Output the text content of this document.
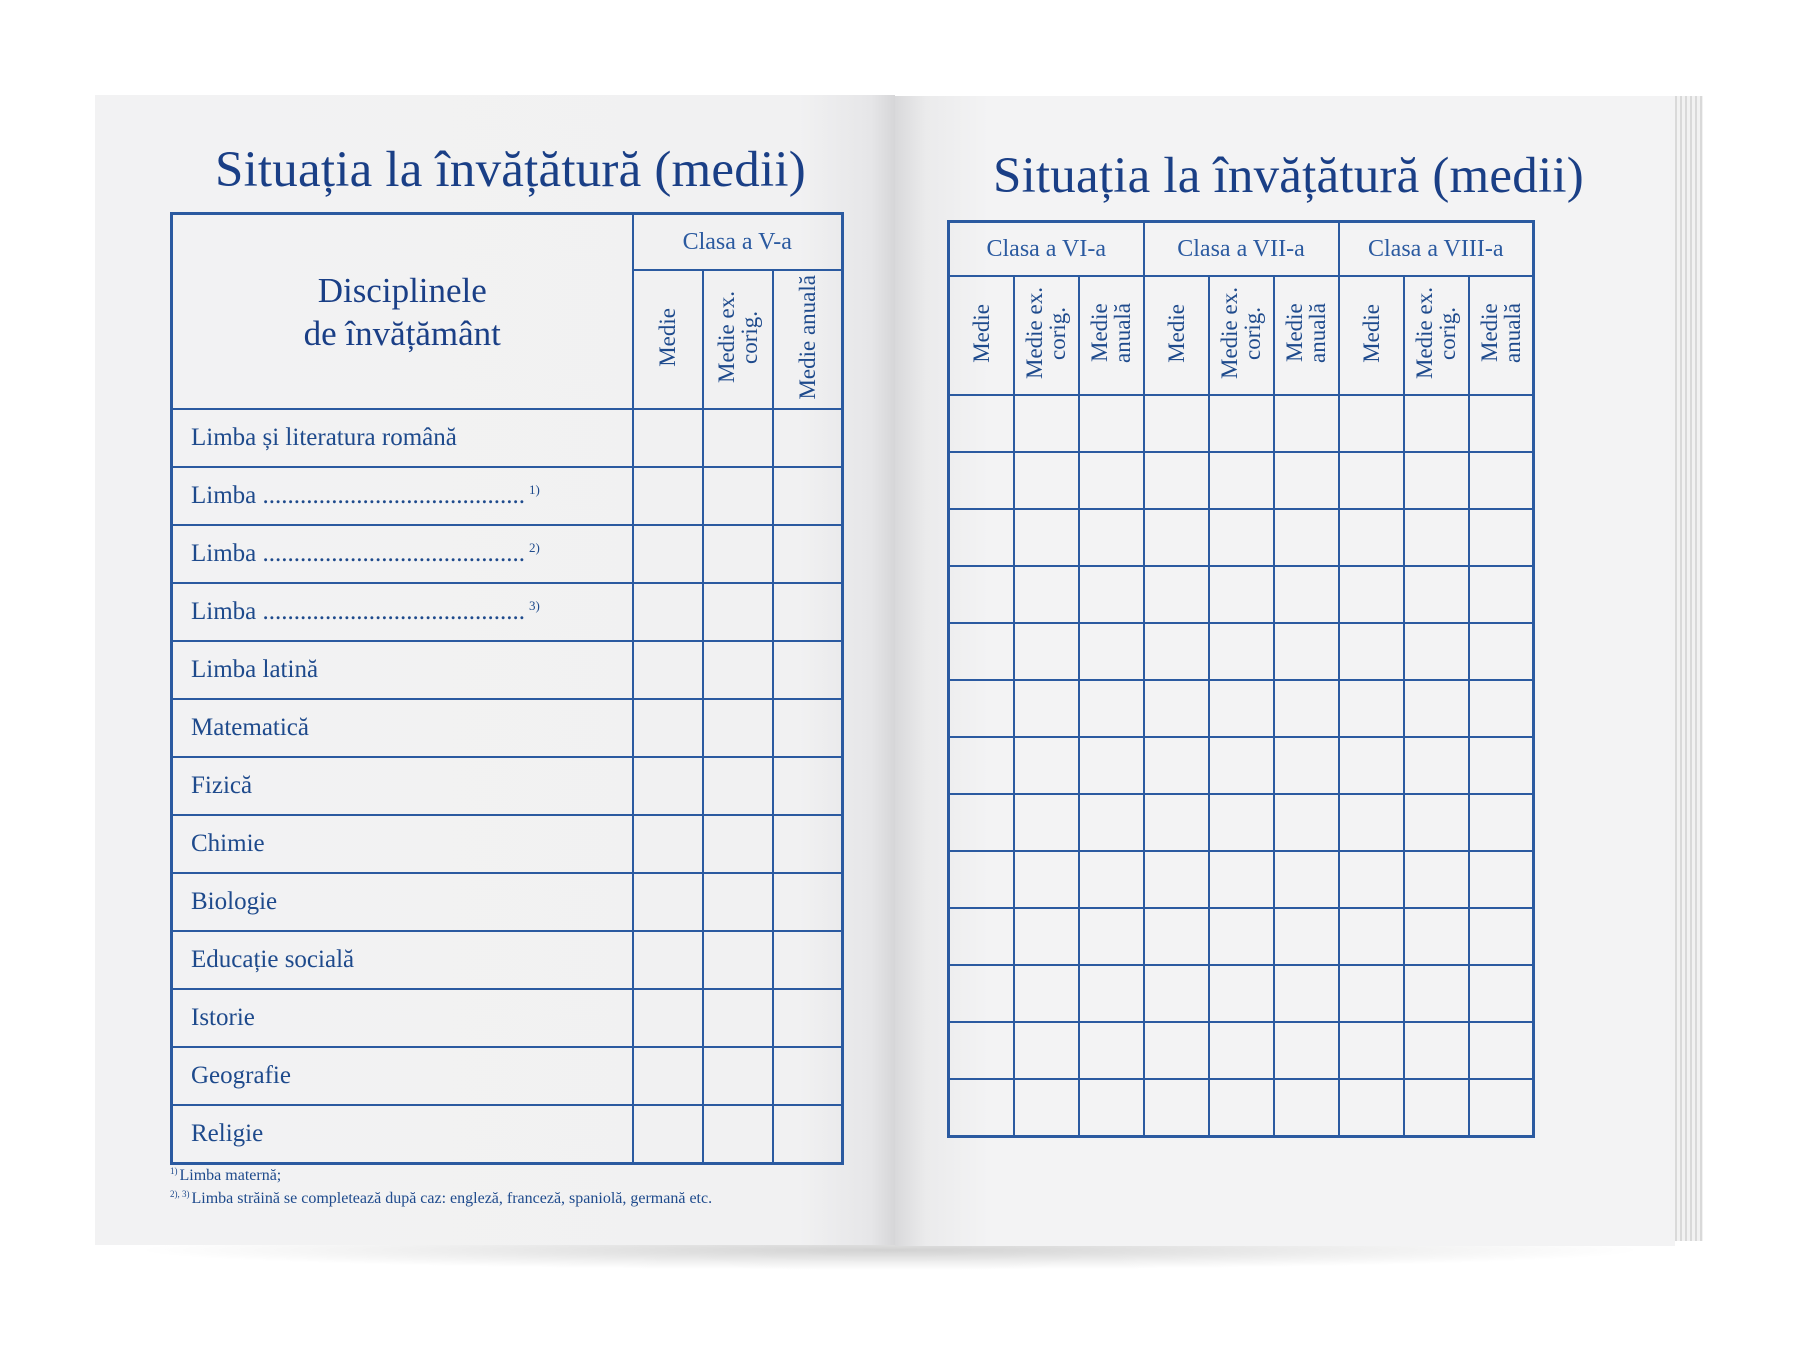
Situația la învățătură (medii)
Disciplinele
de învățământ	Clasa a V-a		
	Medie	Medie ex. corig.	Medie anuală
Limba și literatura română			
Limba .......................................... $^{1)}$			
Limba .......................................... $^{2)}$			
Limba .......................................... $^{3)}$			
Limba latină			
Matematică			
Fizică			
Chimie			
Biologie			
Educație socială			
Istorie			
Geografie			
Religie			
$^{1)}$ Limba maternă;
$^{2), 3)}$ Limba străină se completează după caz: engleză, franceză, spaniolă, germană etc.
Situația la învățătură (medii)
Clasa a VI-a			Clasa a VII-a			Clasa a VIII-a		
Medie	Medie ex. corig.	Medie anuală	Medie	Medie ex. corig.	Medie anuală	Medie	Medie ex. corig.	Medie anuală
